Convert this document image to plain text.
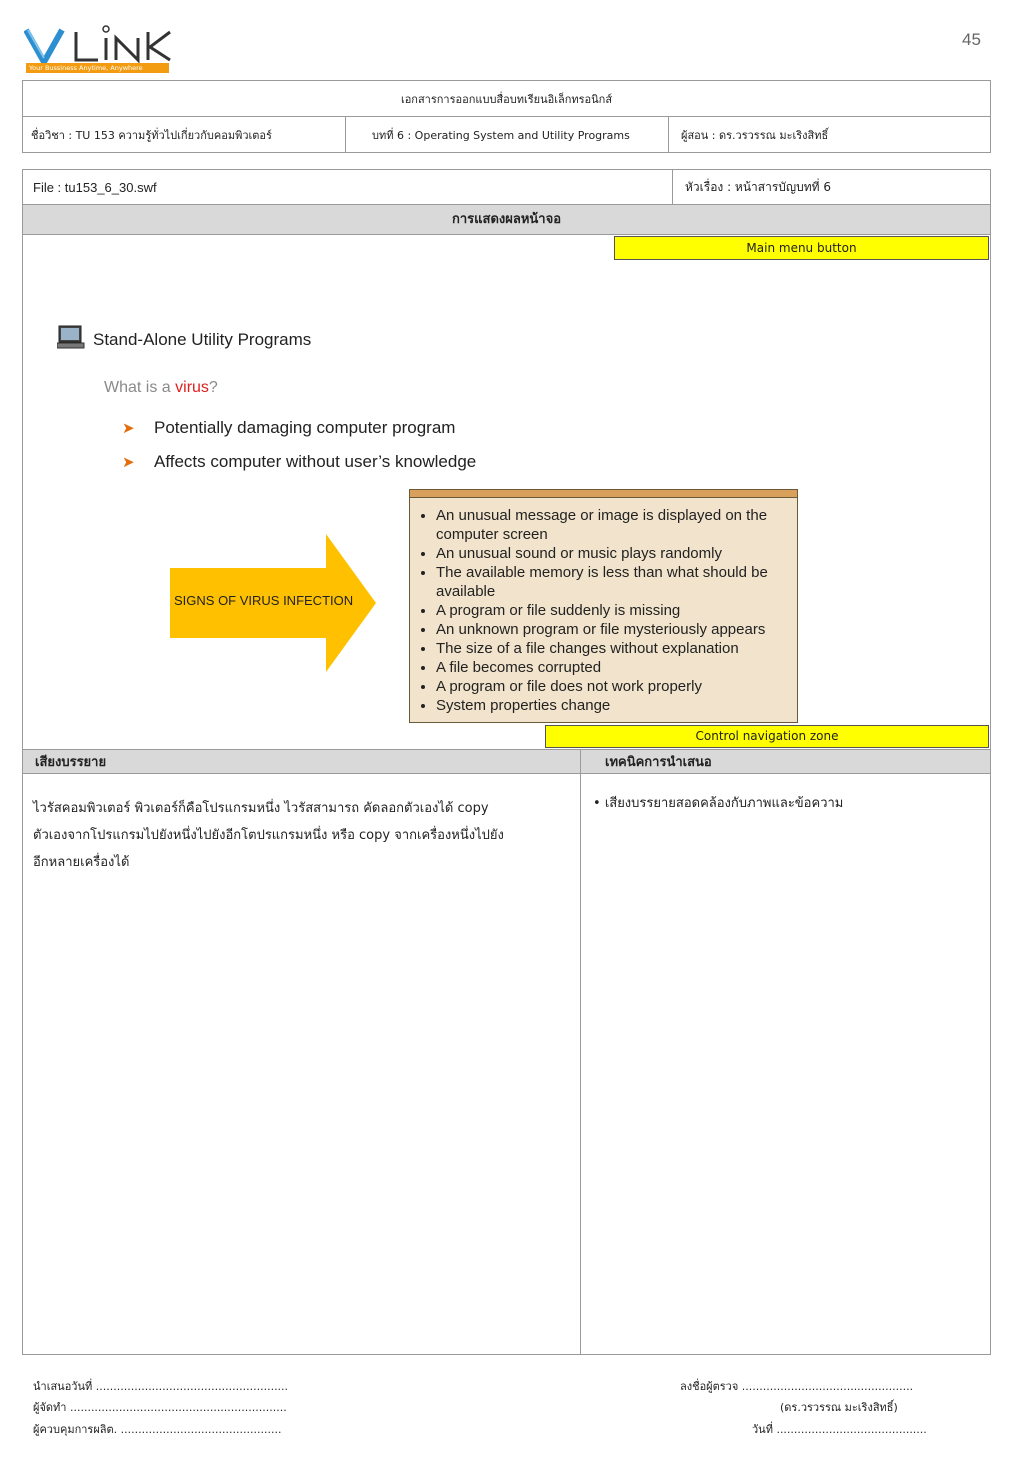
45
Your Bussiness Anytime, Anywhere
เอกสารการออกแบบสื่อบทเรียนอิเล็กทรอนิกส์
ชื่อวิชา : TU 153 ความรู้ทั่วไปเกี่ยวกับคอมพิวเตอร์	บทที่ 6 : Operating System and Utility Programs	ผู้สอน : ดร.วรวรรณ มะเริงสิทธิ์
File : tu153_6_30.swf	หัวเรื่อง : หน้าสารบัญบทที่ 6
การแสดงผลหน้าจอ
Main menu button
Stand-Alone Utility Programs
What is a virus?
➤ Potentially damaging computer program
➤ Affects computer without user’s knowledge
SIGNS OF VIRUS INFECTION
• An unusual message or image is displayed on the computer screen
• An unusual sound or music plays randomly
• The available memory is less than what should be available
• A program or file suddenly is missing
• An unknown program or file mysteriously appears
• The size of a file changes without explanation
• A file becomes corrupted
• A program or file does not work properly
• System properties change
Control navigation zone
เสียงบรรยาย	เทคนิคการนำเสนอ
ไวรัสคอมพิวเตอร์ พิวเตอร์ก็คือโปรแกรมหนึ่ง ไวรัสสามารถ คัดลอกตัวเองได้ copy
ตัวเองจากโปรแกรมไปยังหนึ่งไปยังอีกโตปรแกรมหนึ่ง หรือ copy จากเครื่องหนึ่งไปยัง
อีกหลายเครื่องได้
• เสียงบรรยายสอดคล้องกับภาพและข้อความ
นำเสนอวันที่ .......................................................
ผู้จัดทำ ..............................................................
ผู้ควบคุมการผลิต. ..............................................
ลงชื่อผู้ตรวจ .................................................
(ดร.วรวรรณ มะเริงสิทธิ์)
วันที่ ...........................................
